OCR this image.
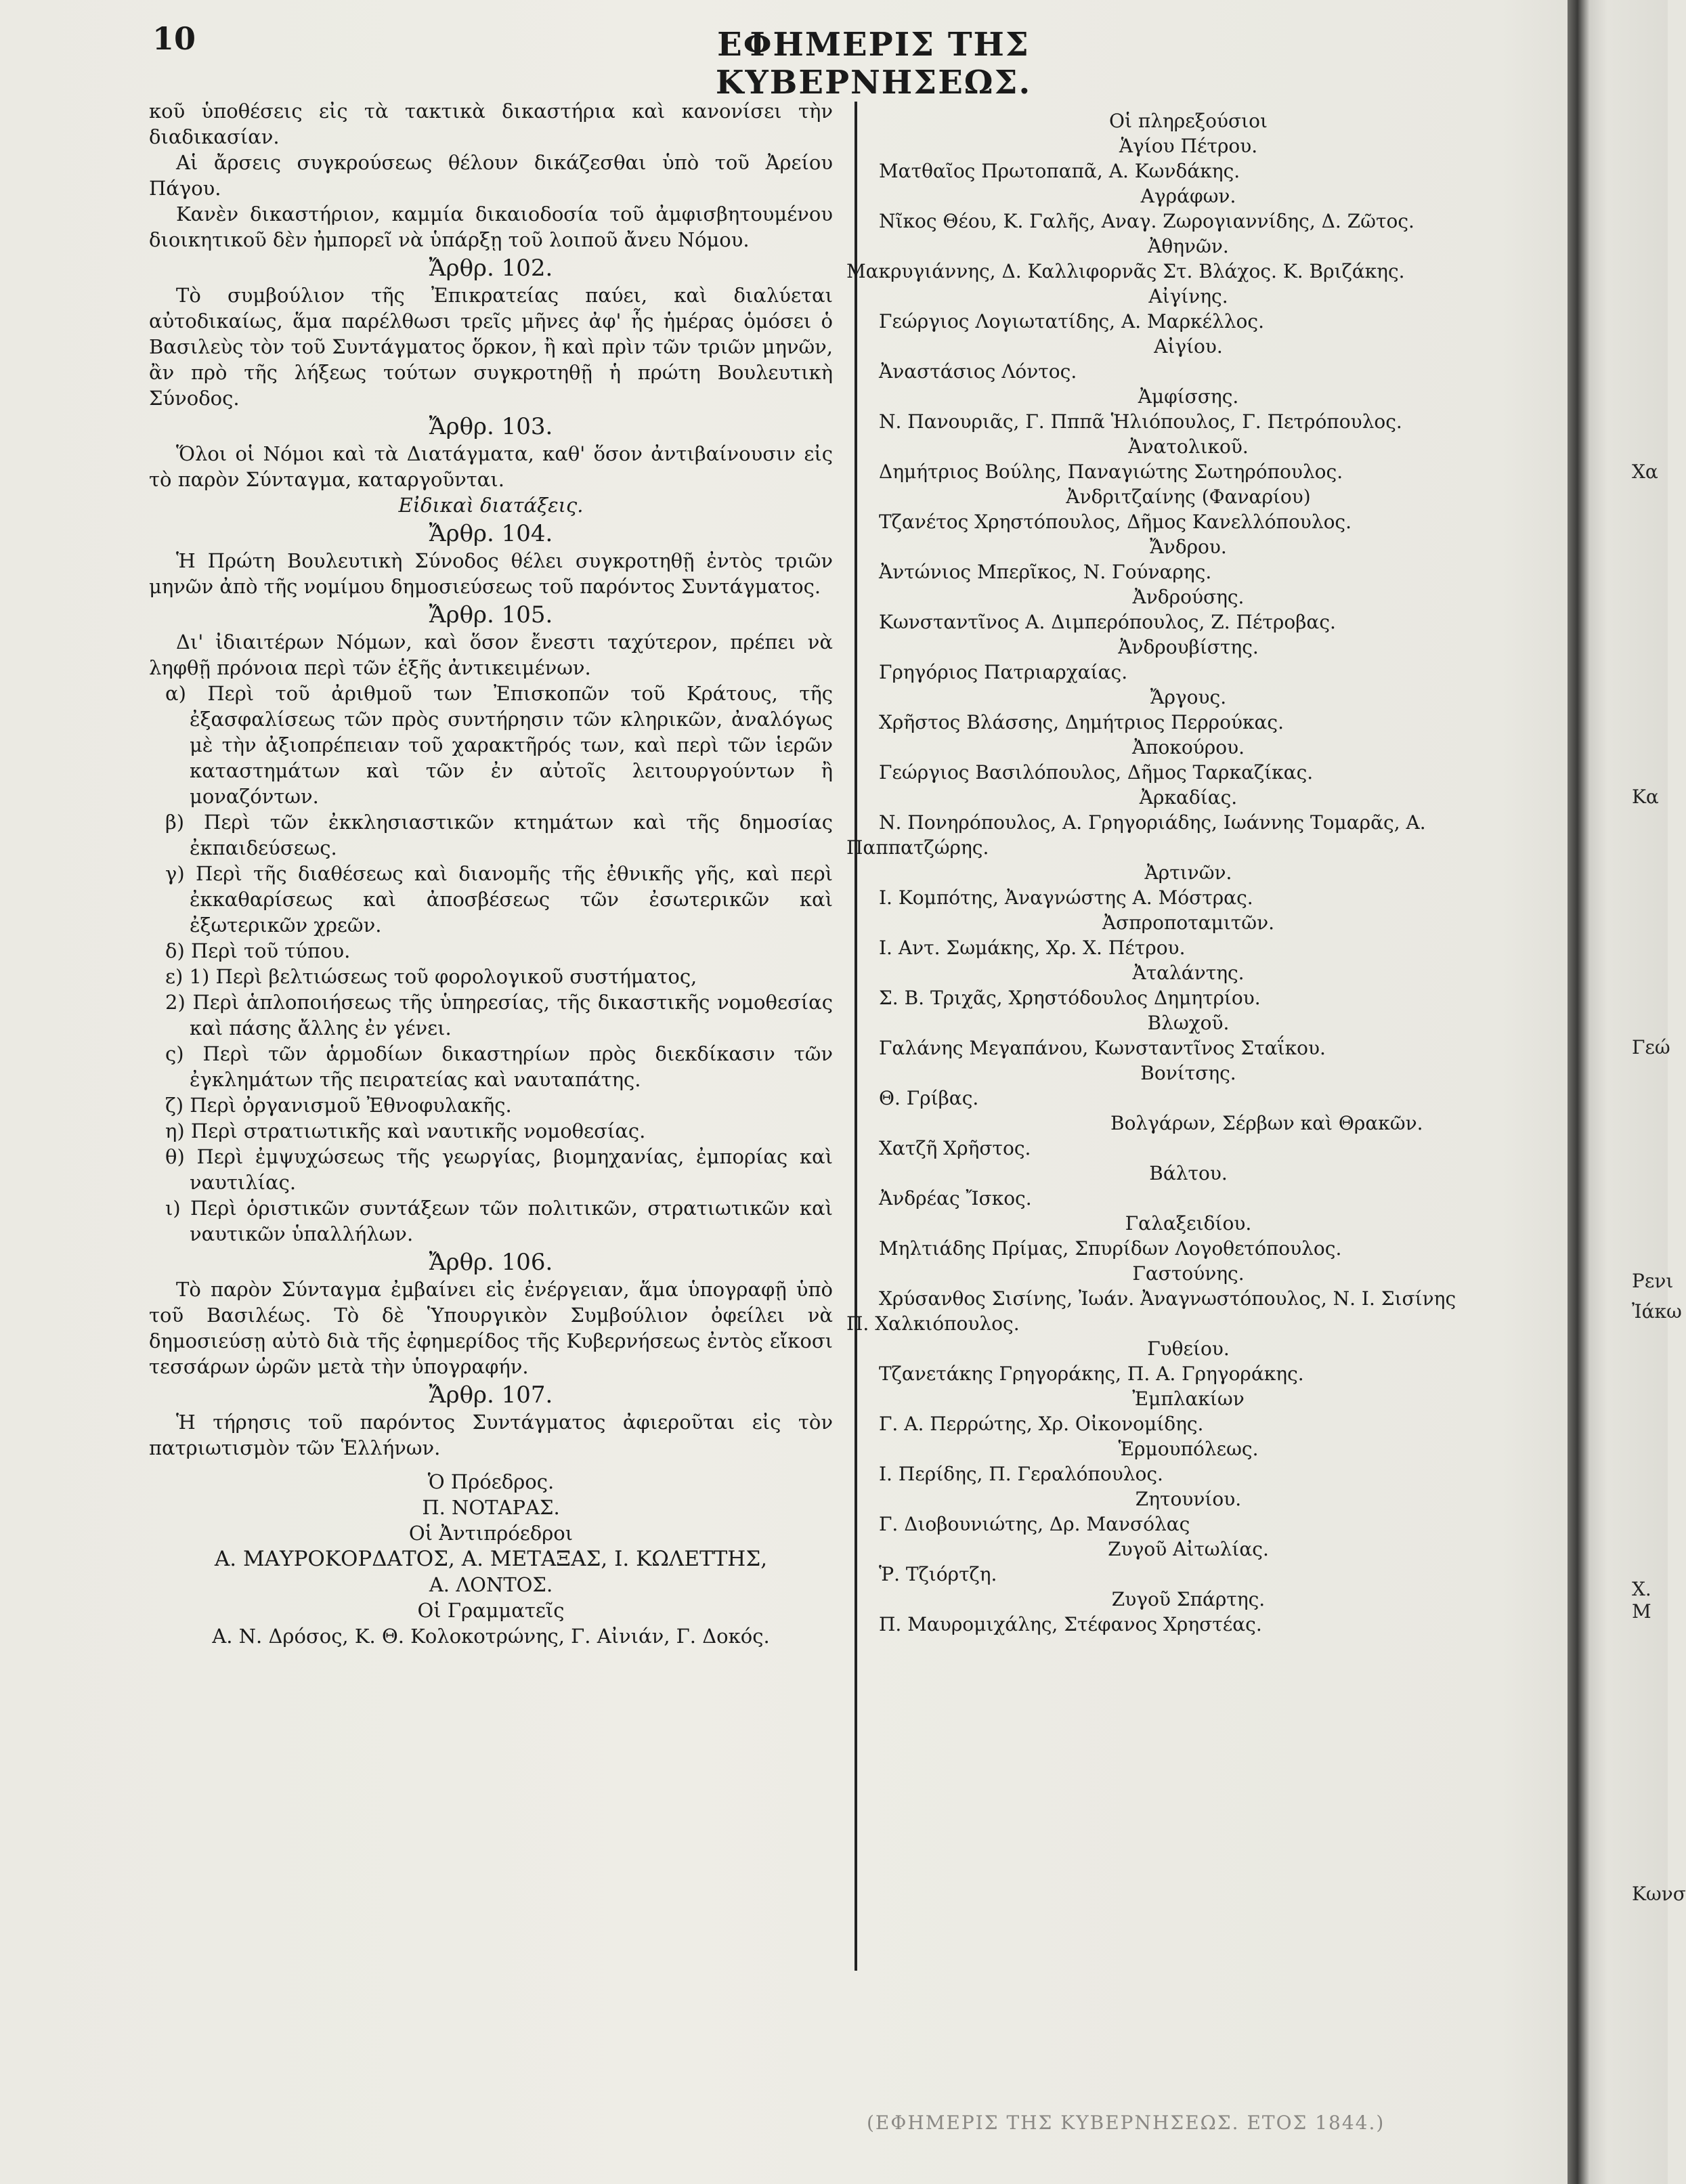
10	ΕΦΗΜΕΡΙΣ ΤΗΣ ΚΥΒΕΡΝΗΣΕΩΣ.

κοῦ ὑποθέσεις εἰς τὰ τακτικὰ δικαστήρια καὶ κανονίσει τὴν διαδικασίαν.

Αἱ ἄρσεις συγκρούσεως θέλουν δικάζεσθαι ὑπὸ τοῦ Ἀρείου Πάγου.

Κανὲν δικαστήριον, καμμία δικαιοδοσία τοῦ ἀμφισβητουμένου διοικητικοῦ δὲν ἠμπορεῖ νὰ ὑπάρξῃ τοῦ λοιποῦ ἄνευ Νόμου.

Ἄρθρ. 102.

Τὸ συμβούλιον τῆς Ἐπικρατείας παύει, καὶ διαλύεται αὐτοδικαίως, ἅμα παρέλθωσι τρεῖς μῆνες ἀφ' ἧς ἡμέρας ὁμόσει ὁ Βασιλεὺς τὸν τοῦ Συντάγματος ὅρκον, ἢ καὶ πρὶν τῶν τριῶν μηνῶν, ἂν πρὸ τῆς λήξεως τούτων συγκροτηθῇ ἡ πρώτη Βουλευτικὴ Σύνοδος.

Ἄρθρ. 103.

Ὅλοι οἱ Νόμοι καὶ τὰ Διατάγματα, καθ' ὅσον ἀντιβαίνουσιν εἰς τὸ παρὸν Σύνταγμα, καταργοῦνται.

Εἰδικαὶ διατάξεις.
Ἄρθρ. 104.

Ἡ Πρώτη Βουλευτικὴ Σύνοδος θέλει συγκροτηθῇ ἐντὸς τριῶν μηνῶν ἀπὸ τῆς νομίμου δημοσιεύσεως τοῦ παρόντος Συντάγματος.

Ἄρθρ. 105.

Δι' ἰδιαιτέρων Νόμων, καὶ ὅσον ἔνεστι ταχύτερον, πρέπει νὰ ληφθῇ πρόνοια περὶ τῶν ἑξῆς ἀντικειμένων.

α) Περὶ τοῦ ἀριθμοῦ των Ἐπισκοπῶν τοῦ Κράτους, τῆς ἐξασφαλίσεως τῶν πρὸς συντήρησιν τῶν κληρικῶν, ἀναλόγως μὲ τὴν ἀξιοπρέπειαν τοῦ χαρακτῆρός των, καὶ περὶ τῶν ἱερῶν καταστημάτων καὶ τῶν ἐν αὐτοῖς λειτουργούντων ἢ μοναζόντων.

β) Περὶ τῶν ἐκκλησιαστικῶν κτημάτων καὶ τῆς δημοσίας ἐκπαιδεύσεως.

γ) Περὶ τῆς διαθέσεως καὶ διανομῆς τῆς ἐθνικῆς γῆς, καὶ περὶ ἐκκαθαρίσεως καὶ ἀποσβέσεως τῶν ἐσωτερικῶν καὶ ἐξωτερικῶν χρεῶν.

δ) Περὶ τοῦ τύπου.

ε) 1) Περὶ βελτιώσεως τοῦ φορολογικοῦ συστήματος,

2) Περὶ ἁπλοποιήσεως τῆς ὑπηρεσίας, τῆς δικαστικῆς νομοθεσίας καὶ πάσης ἄλλης ἐν γένει.

ς) Περὶ τῶν ἁρμοδίων δικαστηρίων πρὸς διεκδίκασιν τῶν ἐγκλημάτων τῆς πειρατείας καὶ ναυταπάτης.

ζ) Περὶ ὀργανισμοῦ Ἐθνοφυλακῆς.

η) Περὶ στρατιωτικῆς καὶ ναυτικῆς νομοθεσίας.

θ) Περὶ ἐμψυχώσεως τῆς γεωργίας, βιομηχανίας, ἐμπορίας καὶ ναυτιλίας.

ι) Περὶ ὁριστικῶν συντάξεων τῶν πολιτικῶν, στρατιωτικῶν καὶ ναυτικῶν ὑπαλλήλων.

Ἄρθρ. 106.

Τὸ παρὸν Σύνταγμα ἐμβαίνει εἰς ἐνέργειαν, ἅμα ὑπογραφῇ ὑπὸ τοῦ Βασιλέως. Τὸ δὲ Ὑπουργικὸν Συμβούλιον ὀφείλει νὰ δημοσιεύσῃ αὐτὸ διὰ τῆς ἐφημερίδος τῆς Κυβερνήσεως ἐντὸς εἴκοσι τεσσάρων ὡρῶν μετὰ τὴν ὑπογραφήν.

Ἄρθρ. 107.

Ἡ τήρησις τοῦ παρόντος Συντάγματος ἀφιεροῦται εἰς τὸν πατριωτισμὸν τῶν Ἑλλήνων.

Ὁ Πρόεδρος.
Π. ΝΟΤΑΡΑΣ.
Οἱ Ἀντιπρόεδροι
Α. ΜΑΥΡΟΚΟΡΔΑΤΟΣ, Α. ΜΕΤΑΞΑΣ, Ι. ΚΩΛΕΤΤΗΣ,
Α. ΛΟΝΤΟΣ.
Οἱ Γραμματεῖς
Α. Ν. Δρόσος, Κ. Θ. Κολοκοτρώνης, Γ. Αἰνιάν, Γ. Δοκός.
Οἱ πληρεξούσιοι
Ἁγίου Πέτρου.
Ματθαῖος Πρωτοπαπᾶ, Α. Κωνδάκης.
Αγράφων.
Νῖκος Θέου, Κ. Γαλῆς, Αναγ. Ζωρογιαννίδης, Δ. Ζῶτος.
Ἀθηνῶν.
Μακρυγιάννης, Δ. Καλλιφορνᾶς Στ. Βλάχος. Κ. Βριζάκης.
Αἰγίνης.
Γεώργιος Λογιωτατίδης, Α. Μαρκέλλος.
Αἰγίου.
Ἀναστάσιος Λόντος.
Ἀμφίσσης.
Ν. Πανουριᾶς, Γ. Πππᾶ Ἡλιόπουλος, Γ. Πετρόπουλος.
Ἀνατολικοῦ.
Δημήτριος Βούλης, Παναγιώτης Σωτηρόπουλος.
Ἀνδριτζαίνης (Φαναρίου)
Τζανέτος Χρηστόπουλος, Δῆμος Κανελλόπουλος.
Ἄνδρου.
Ἀντώνιος Μπερῖκος, Ν. Γούναρης.
Ἀνδρούσης.
Κωνσταντῖνος Α. Διμπερόπουλος, Ζ. Πέτροβας.
Ἀνδρουβίστης.
Γρηγόριος Πατριαρχαίας.
Ἄργους.
Χρῆστος Βλάσσης, Δημήτριος Περρούκας.
Ἀποκούρου.
Γεώργιος Βασιλόπουλος, Δῆμος Ταρκαζίκας.
Ἀρκαδίας.
Ν. Πονηρόπουλος, Α. Γρηγοριάδης, Ιωάννης Τομαρᾶς, Α.
Παππατζώρης.
Ἀρτινῶν.
Ι. Κομπότης, Ἀναγνώστης Α. Μόστρας.
Ἀσπροποταμιτῶν.
Ι. Αντ. Σωμάκης, Χρ. Χ. Πέτρου.
Ἀταλάντης.
Σ. Β. Τριχᾶς, Χρηστόδουλος Δημητρίου.
Βλωχοῦ.
Γαλάνης Μεγαπάνου, Κωνσταντῖνος Σταΐκου.
Βονίτσης.
Θ. Γρίβας.
Βολγάρων, Σέρβων καὶ Θρακῶν.
Χατζῆ Χρῆστος.
Βάλτου.
Ἀνδρέας Ἴσκος.
Γαλαξειδίου.
Μηλτιάδης Πρίμας, Σπυρίδων Λογοθετόπουλος.
Γαστούνης.
Χρύσανθος Σισίνης, Ἰωάν. Ἀναγνωστόπουλος, Ν. Ι. Σισίνης
Π. Χαλκιόπουλος.
Γυθείου.
Τζανετάκης Γρηγοράκης, Π. Α. Γρηγοράκης.
Ἐμπλακίων
Γ. Α. Περρώτης, Χρ. Οἰκονομίδης.
Ἑρμουπόλεως.
Ι. Περίδης, Π. Γεραλόπουλος.
Ζητουνίου.
Γ. Διοβουνιώτης, Δρ. Μανσόλας
Ζυγοῦ Αἰτωλίας.
Ῥ. Τζιόρτζη.
Ζυγοῦ Σπάρτης.
Π. Μαυρομιχάλης, Στέφανος Χρηστέας.
(ΕΦΗΜΕΡΙΣ ΤΗΣ ΚΥΒΕΡΝΗΣΕΩΣ. ΕΤΟΣ 1844.)
Χα
Κα
Γεώ
Ρενι
Ἰάκω
Χ. Μ
Κωνσ
